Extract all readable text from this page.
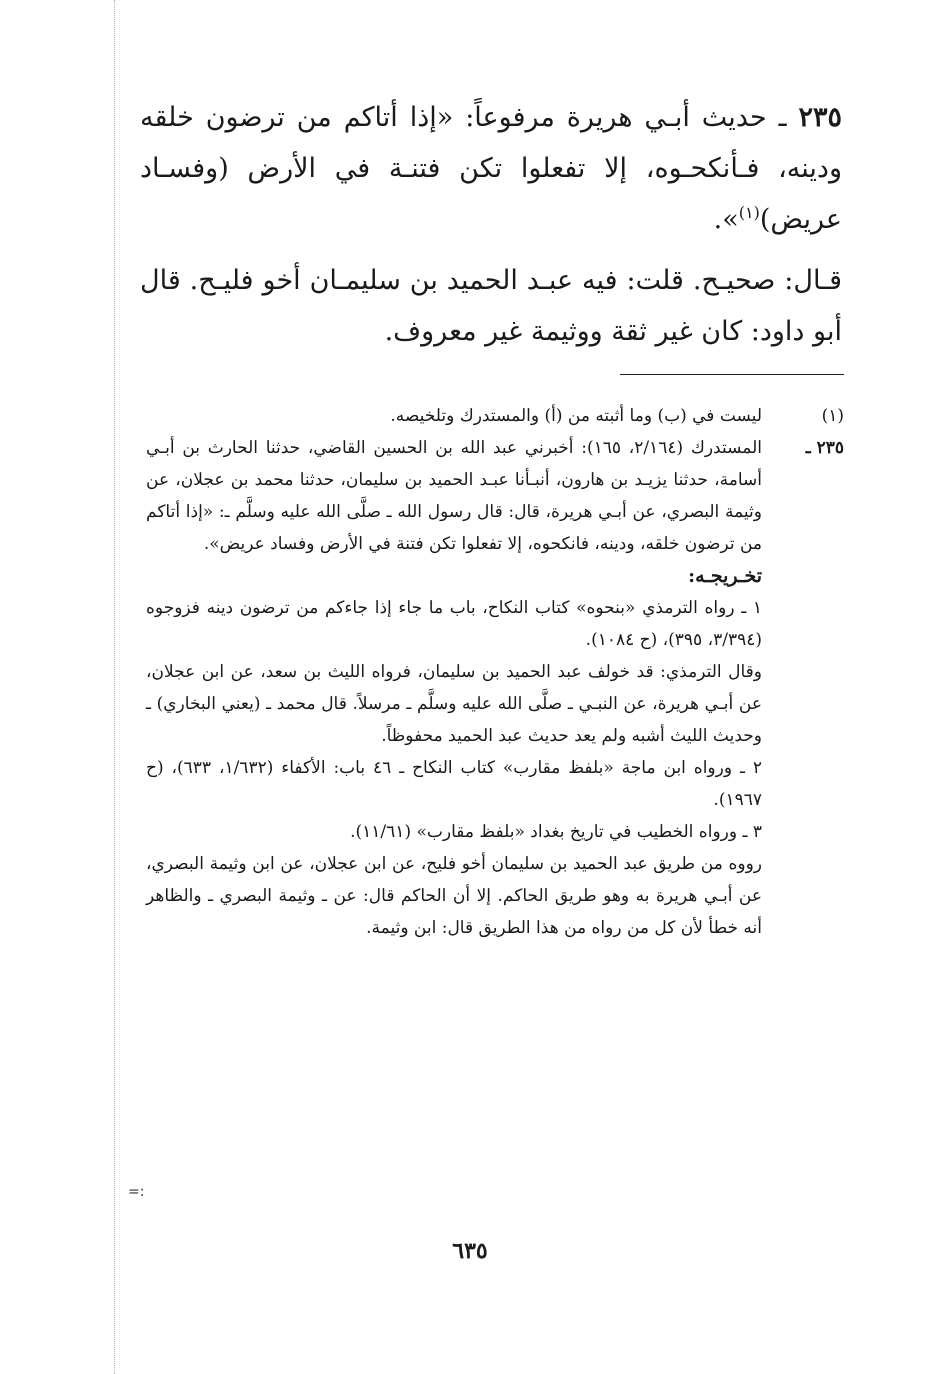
٢٣٥ ـ حديث أبـي هريرة مرفوعاً: «إذا أتاكم من ترضون خلقه ودينه، فـأنكحـوه، إلا تفعلوا تكن فتنـة في الأرض (وفسـاد عريض)$^{(١)}$».

قـال: صحيـح. قلت: فيه عبـد الحميد بن سليمـان أخو فليـح. قال أبو داود: كان غير ثقة ووثيمة غير معروف.

(١)
ليست في (ب) وما أثبته من (أ) والمستدرك وتلخيصه.
٢٣٥ ـ

المستدرك (٢/١٦٤، ١٦٥): أخبرني عبد الله بن الحسين القاضي، حدثنا الحارث بن أبـي أسامة، حدثنا يزيـد بن هارون، أنبـأنا عبـد الحميد بن سليمان، حدثنا محمد بن عجلان، عن وثيمة البصري، عن أبـي هريرة، قال: قال رسول الله ـ صلَّى الله عليه وسلَّم ـ: «إذا أتاكم من ترضون خلقه، ودينه، فانكحوه، إلا تفعلوا تكن فتنة في الأرض وفساد عريض».

تخـريجـه:

١ ـ رواه الترمذي «بنحوه» كتاب النكاح، باب ما جاء إذا جاءكم من ترضون دينه فزوجوه (٣/٣٩٤، ٣٩٥)، (ح ١٠٨٤).

وقال الترمذي: قد خولف عبد الحميد بن سليمان، فرواه الليث بن سعد، عن ابن عجلان، عن أبـي هريرة، عن النبـي ـ صلَّى الله عليه وسلَّم ـ مرسلاً. قال محمد ـ (يعني البخاري) ـ وحديث الليث أشبه ولم يعد حديث عبد الحميد محفوظاً.

٢ ـ ورواه ابن ماجة «بلفظ مقارب» كتاب النكاح ـ ٤٦ باب: الأكفاء (١/٦٣٢، ٦٣٣)، (ح ١٩٦٧).

٣ ـ ورواه الخطيب في تاريخ بغداد «بلفظ مقارب» (١١/٦١).

رووه من طريق عبد الحميد بن سليمان أخو فليح، عن ابن عجلان، عن ابن وثيمة البصري، عن أبـي هريرة به وهو طريق الحاكم. إلا أن الحاكم قال: عن ـ وثيمة البصري ـ والظاهر أنه خطأ لأن كل من رواه من هذا الطريق قال: ابن وثيمة.

=:
٦٣٥
